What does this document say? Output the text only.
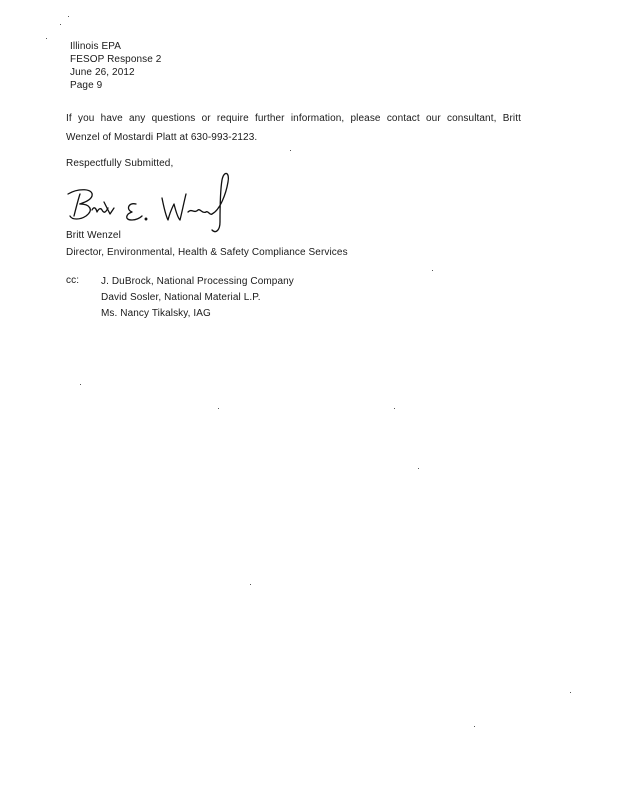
Illinois EPA
FESOP Response 2
June 26, 2012
Page 9
If you have any questions or require further information, please contact our consultant, Britt
Wenzel of Mostardi Platt at 630-993-2123.
Respectfully Submitted,
Britt Wenzel
Director, Environmental, Health & Safety Compliance Services
cc: J. DuBrock, National Processing Company
David Sosler, National Material L.P.
Ms. Nancy Tikalsky, IAG
